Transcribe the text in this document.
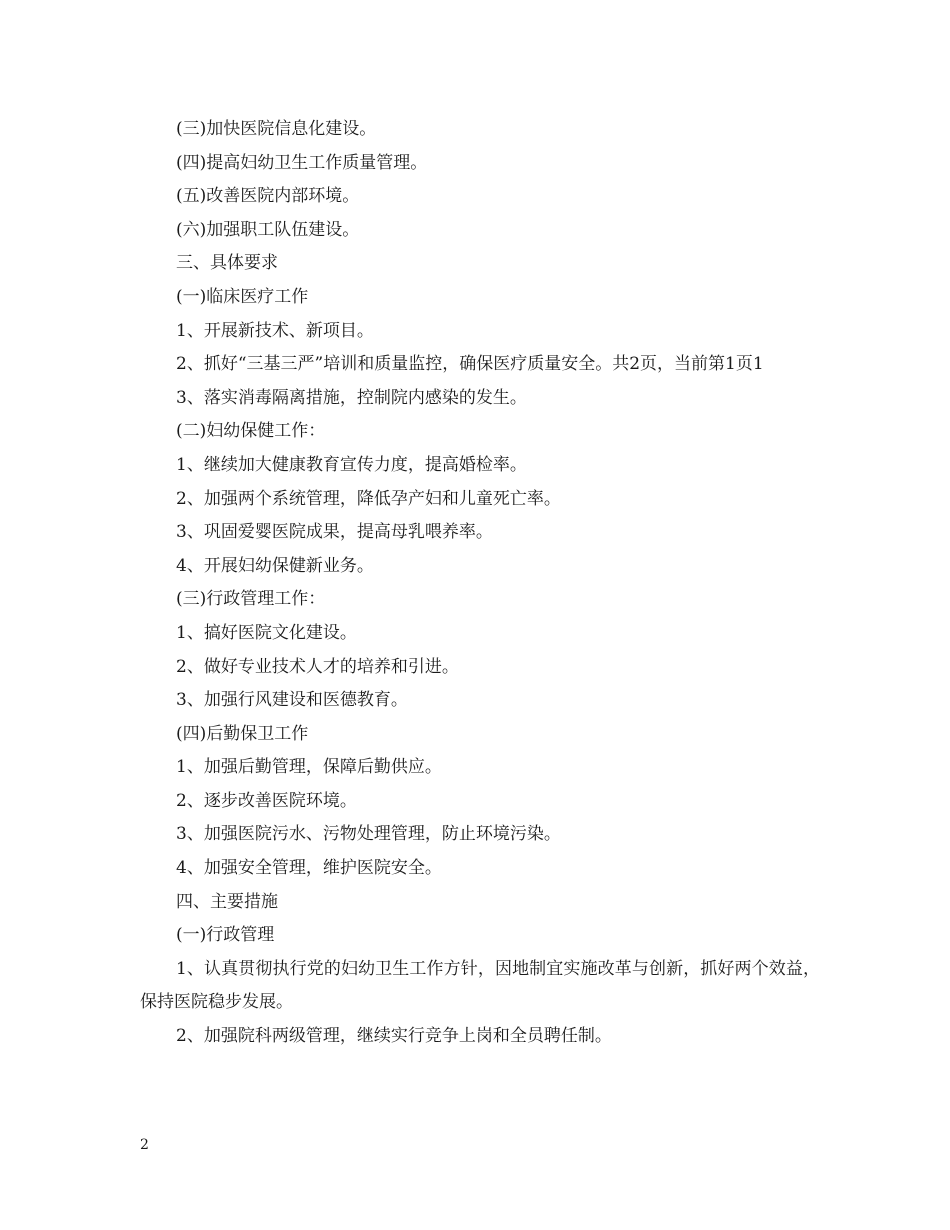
(三)加快医院信息化建设。

(四)提高妇幼卫生工作质量管理。

(五)改善医院内部环境。

(六)加强职工队伍建设。

三、具体要求

(一)临床医疗工作

1、开展新技术、新项目。

2、抓好“三基三严”培训和质量监控，确保医疗质量安全。共2页，当前第1页1

3、落实消毒隔离措施，控制院内感染的发生。

(二)妇幼保健工作：

1、继续加大健康教育宣传力度，提高婚检率。

2、加强两个系统管理，降低孕产妇和儿童死亡率。

3、巩固爱婴医院成果，提高母乳喂养率。

4、开展妇幼保健新业务。

(三)行政管理工作：

1、搞好医院文化建设。

2、做好专业技术人才的培养和引进。

3、加强行风建设和医德教育。

(四)后勤保卫工作

1、加强后勤管理，保障后勤供应。

2、逐步改善医院环境。

3、加强医院污水、污物处理管理，防止环境污染。

4、加强安全管理，维护医院安全。

四、主要措施

(一)行政管理

1、认真贯彻执行党的妇幼卫生工作方针，因地制宜实施改革与创新，抓好两个效益，保持医院稳步发展。

2、加强院科两级管理，继续实行竞争上岗和全员聘任制。

2
